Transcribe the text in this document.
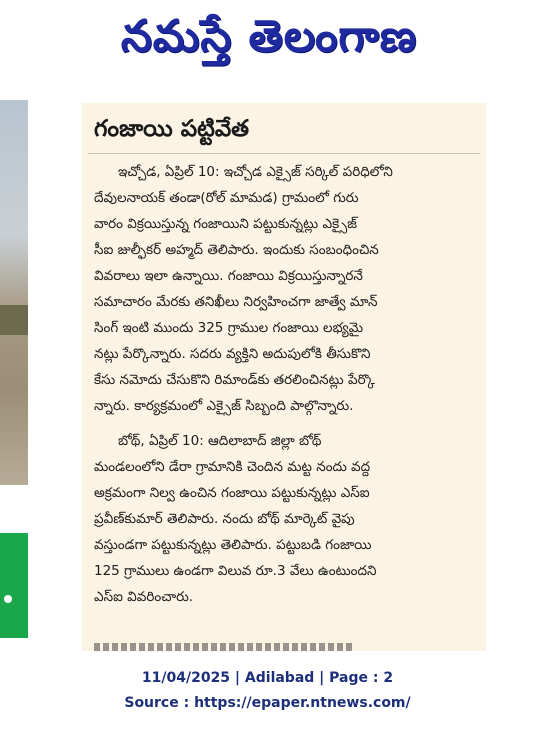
నమస్తే తెలంగాణ
గంజాయి పట్టివేత
ఇచ్చోడ, ఏప్రిల్ 10: ఇచ్చోడ ఎక్సైజ్ సర్కిల్ పరిధిలోని
దేవులనాయక్ తండా(రోల్ మామడ) గ్రామంలో గురు
వారం విక్రయిస్తున్న గంజాయిని పట్టుకున్నట్లు ఎక్సైజ్
సీఐ జుల్ఫీకర్ అహ్మద్ తెలిపారు. ఇందుకు సంబంధించిన
వివరాలు ఇలా ఉన్నాయి. గంజాయి విక్రయిస్తున్నారనే
సమాచారం మేరకు తనిఖీలు నిర్వహించగా జాత్వే మాన్
సింగ్ ఇంటి ముందు 325 గ్రాముల గంజాయి లభ్యమై
నట్లు పేర్కొన్నారు. సదరు వ్యక్తిని అదుపులోకి తీసుకొని
కేసు నమోదు చేసుకొని రిమాండ్‌కు తరలించినట్లు పేర్కొ
న్నారు. కార్యక్రమంలో ఎక్సైజ్ సిబ్బంది పాల్గొన్నారు.
బోథ్, ఏప్రిల్ 10: ఆదిలాబాద్ జిల్లా బోథ్
మండలంలోని డేరా గ్రామానికి చెందిన మట్ట నందు వద్ద
అక్రమంగా నిల్వ ఉంచిన గంజాయి పట్టుకున్నట్లు ఎస్ఐ
ప్రవీణ్‌కుమార్ తెలిపారు. నందు బోథ్ మార్కెట్ వైపు
వస్తుండగా పట్టుకున్నట్లు తెలిపారు. పట్టుబడి గంజాయి
125 గ్రాములు ఉండగా విలువ రూ.3 వేలు ఉంటుందని
ఎస్ఐ వివరించారు.
11/04/2025 | Adilabad | Page : 2
Source : https://epaper.ntnews.com/
